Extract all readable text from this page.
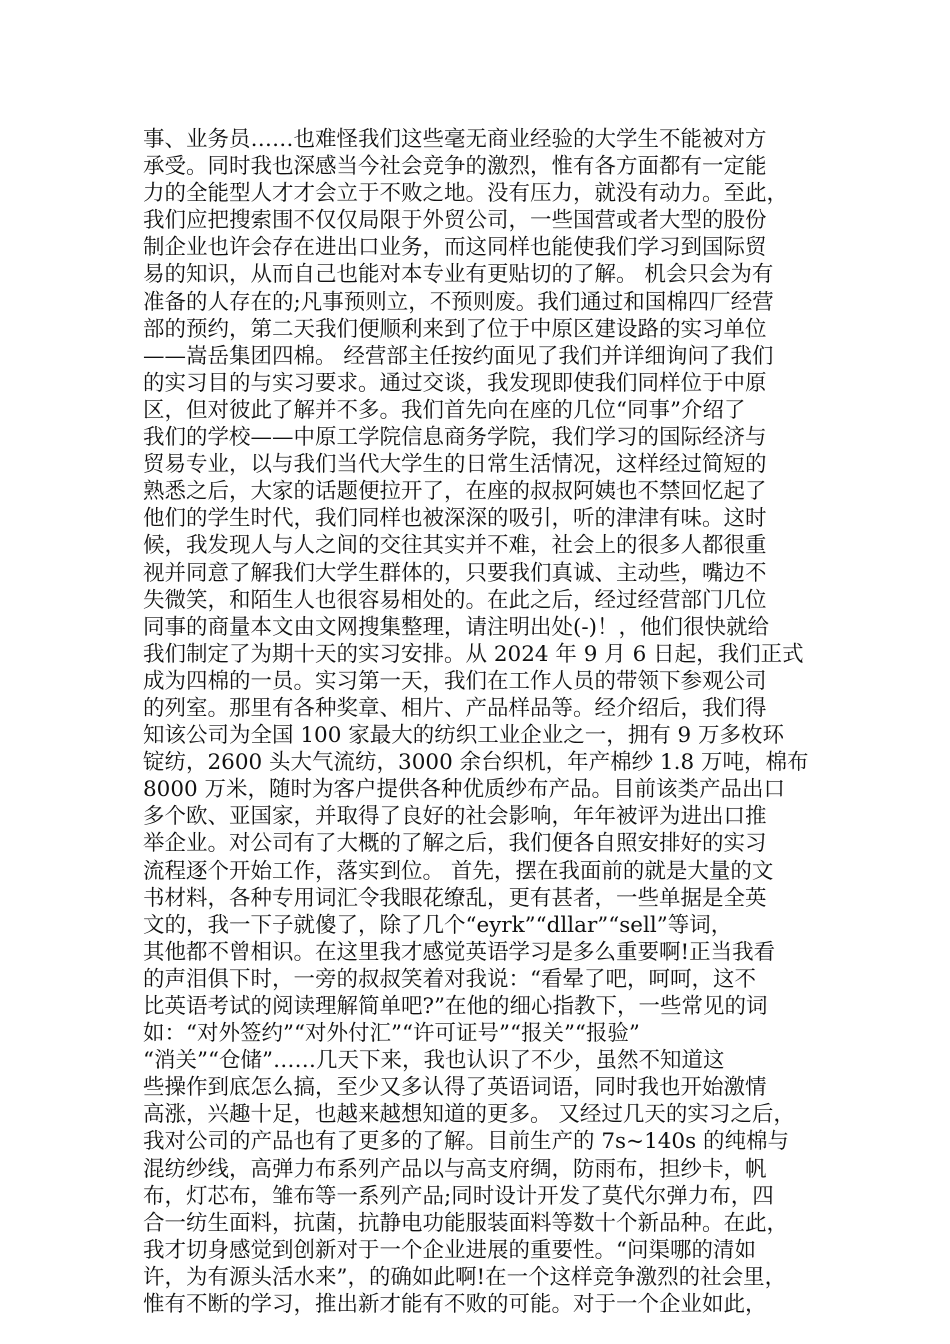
事、业务员……也难怪我们这些毫无商业经验的大学生不能被对方
承受。同时我也深感当今社会竞争的激烈，惟有各方面都有一定能
力的全能型人才才会立于不败之地。没有压力，就没有动力。至此，
我们应把搜索围不仅仅局限于外贸公司，一些国营或者大型的股份
制企业也许会存在进出口业务，而这同样也能使我们学习到国际贸
易的知识，从而自己也能对本专业有更贴切的了解。 机会只会为有
准备的人存在的;凡事预则立，不预则废。我们通过和国棉四厂经营
部的预约，第二天我们便顺利来到了位于中原区建设路的实习单位
——嵩岳集团四棉。 经营部主任按约面见了我们并详细询问了我们
的实习目的与实习要求。通过交谈，我发现即使我们同样位于中原
区，但对彼此了解并不多。我们首先向在座的几位“同事”介绍了
我们的学校——中原工学院信息商务学院，我们学习的国际经济与
贸易专业，以与我们当代大学生的日常生活情况，这样经过简短的
熟悉之后，大家的话题便拉开了，在座的叔叔阿姨也不禁回忆起了
他们的学生时代，我们同样也被深深的吸引，听的津津有味。这时
候，我发现人与人之间的交往其实并不难，社会上的很多人都很重
视并同意了解我们大学生群体的，只要我们真诚、主动些，嘴边不
失微笑，和陌生人也很容易相处的。在此之后，经过经营部门几位
同事的商量本文由文网搜集整理，请注明出处(-)！，他们很快就给
我们制定了为期十天的实习安排。从 2024 年 9 月 6 日起，我们正式
成为四棉的一员。实习第一天，我们在工作人员的带领下参观公司
的列室。那里有各种奖章、相片、产品样品等。经介绍后，我们得
知该公司为全国 100 家最大的纺织工业企业之一，拥有 9 万多枚环
锭纺，2600 头大气流纺，3000 余台织机，年产棉纱 1.8 万吨，棉布
8000 万米，随时为客户提供各种优质纱布产品。目前该类产品出口
多个欧、亚国家，并取得了良好的社会影响，年年被评为进出口推
举企业。对公司有了大概的了解之后，我们便各自照安排好的实习
流程逐个开始工作，落实到位。 首先，摆在我面前的就是大量的文
书材料，各种专用词汇令我眼花缭乱，更有甚者，一些单据是全英
文的，我一下子就傻了，除了几个“eyrk”“dllar”“sell”等词，
其他都不曾相识。在这里我才感觉英语学习是多么重要啊!正当我看
的声泪俱下时，一旁的叔叔笑着对我说：“看晕了吧，呵呵，这不
比英语考试的阅读理解简单吧?”在他的细心指教下，一些常见的词
如：“对外签约”“对外付汇”“许可证号”“报关”“报验”
“消关”“仓储”……几天下来，我也认识了不少，虽然不知道这
些操作到底怎么搞，至少又多认得了英语词语，同时我也开始激情
高涨，兴趣十足，也越来越想知道的更多。 又经过几天的实习之后，
我对公司的产品也有了更多的了解。目前生产的 7s~140s 的纯棉与
混纺纱线，高弹力布系列产品以与高支府绸，防雨布，担纱卡，帆
布，灯芯布，雏布等一系列产品;同时设计开发了莫代尔弹力布，四
合一纺生面料，抗菌，抗静电功能服装面料等数十个新品种。在此，
我才切身感觉到创新对于一个企业进展的重要性。“问渠哪的清如
许，为有源头活水来”，的确如此啊!在一个这样竞争激烈的社会里，
惟有不断的学习，推出新才能有不败的可能。对于一个企业如此，
